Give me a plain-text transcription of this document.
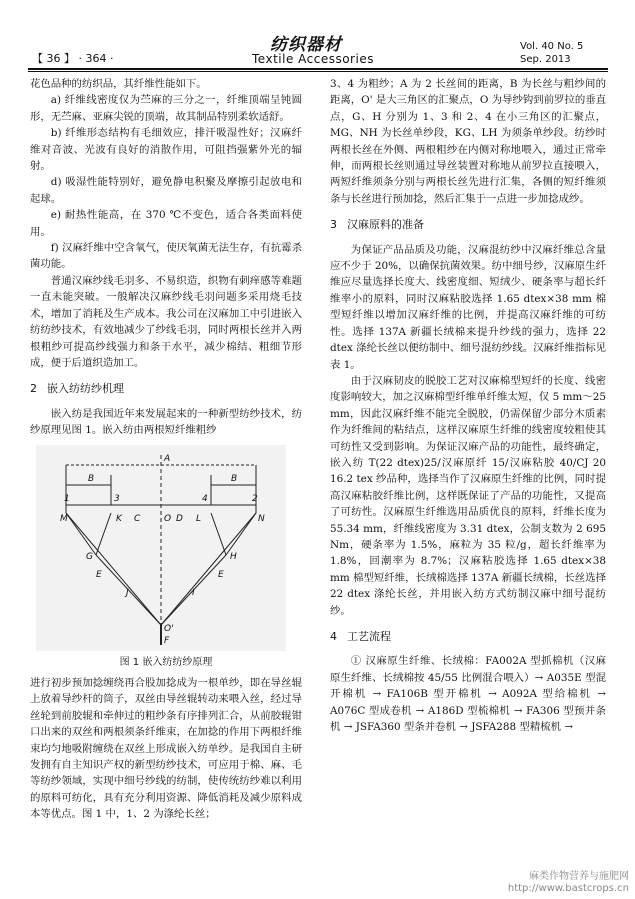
【 36 】 · 364 ·
纺织器材
Textile Accessories
Vol. 40 No. 5
Sep. 2013

花色品种的纺织品，其纤维性能如下。

a) 纤维线密度仅为苎麻的三分之一，纤维顶端呈钝圆形，无苎麻、亚麻尖锐的顶端，故其制品特别柔软适舒。

b) 纤维形态结构有毛细效应，排汗吸湿性好；汉麻纤维对音波、光波有良好的消散作用，可阻挡强紫外光的辐射。

d) 吸湿性能特别好，避免静电积聚及摩擦引起放电和起球。

e) 耐热性能高，在 370 ℃不变色，适合各类面料使用。

f) 汉麻纤维中空含氧气，使厌氧菌无法生存，有抗霉杀菌功能。

普通汉麻纱线毛羽多、不易织造，织物有刺痒感等难题一直未能突破。一般解决汉麻纱线毛羽问题多采用烧毛技术，增加了消耗及生产成本。我公司在汉麻加工中引进嵌入纺纺纱技术，有效地减少了纱线毛羽，同时两根长丝并入两根粗纱可提高纱线强力和条干水平，减少棉结、粗细节形成，便于后道织造加工。

2 嵌入纺纺纱机理

嵌入纺是我国近年来发展起来的一种新型纺纱技术，纺纱原理见图 1。嵌入纺由两根短纤维粗纱

A
B	B
M	K	L	N
C	O D
G	H
E	E
J	I
O'
F
1	2
3	4
图 1 嵌入纺纺纱原理

进行初步预加捻缠绕再合股加捻成为一根单纱，即在导丝辊上放着导纱杆的筒子，双丝由导丝辊转动来喂入丝，经过导丝轮到前胶辊和牵伸过的粗纱条有序排列汇合，从前胶辊钳口出来的双丝和两根须条纤维束，在加捻的作用下两根纤维束均匀地吸附缠绕在双丝上形成嵌入纺单纱。是我国自主研发拥有自主知识产权的新型纺纱技术，可应用于棉、麻、毛等纺纱领域，实现中细号纱线的纺制，使传统纺纱难以利用的原料可纺化，具有充分利用资源、降低消耗及减少原料成本等优点。图 1 中，1、2 为涤纶长丝；

3、4 为粗纱；A 为 2 长丝间的距离，B 为长丝与粗纱间的距离，O' 是大三角区的汇聚点，O 为导纱钩到前罗拉的垂直点，G、H 分别为 1、3 和 2、4 在小三角区的汇聚点，MG、NH 为长丝单纱段，KG、LH 为须条单纱段。纺纱时两根长丝在外侧、两根粗纱在内侧对称地喂入，通过正常牵伸，而两根长丝则通过导丝装置对称地从前罗拉直接喂入，两短纤维须条分别与两根长丝先进行汇集，各侧的短纤维须条与长丝进行预加捻，然后汇集于一点进一步加捻成纱。

3 汉麻原料的准备

为保证产品品质及功能，汉麻混纺纱中汉麻纤维总含量应不少于 20%，以确保抗菌效果。纺中细号纱，汉麻原生纤维应尽量选择长度大、线密度细、短绒少、硬条率与超长纤维率小的原料，同时汉麻粘胶选择 1.65 dtex×38 mm 棉型短纤维以增加汉麻纤维的比例，并提高汉麻纤维的可纺性。选择 137A 新疆长绒棉来提升纱线的强力，选择 22 dtex 涤纶长丝以便纺制中、细号混纺纱线。汉麻纤维指标见表 1。

由于汉麻韧皮的脱胶工艺对汉麻棉型短纤的长度、线密度影响较大，加之汉麻棉型纤维单纤维太短，仅 5 mm～25 mm，因此汉麻纤维不能完全脱胶，仍需保留少部分木质素作为纤维间的粘结点，这样汉麻原生纤维的线密度较粗使其可纺性又受到影响。为保证汉麻产品的功能性，最终确定，嵌入纺 T(22 dtex)25/汉麻原纤 15/汉麻粘胶 40/CJ 20 16.2 tex 纱品种，选择当作了汉麻原生纤维的比例，同时提高汉麻粘胶纤维比例，这样既保证了产品的功能性，又提高了可纺性。汉麻原生纤维选用品质优良的原料，纤维长度为 55.34 mm，纤维线密度为 3.31 dtex，公制支数为 2 695 Nm，硬条率为 1.5%，麻粒为 35 粒/g，超长纤维率为 1.8%，回潮率为 8.7%；汉麻粘胶选择 1.65 dtex×38 mm 棉型短纤维，长绒棉选择 137A 新疆长绒棉，长丝选择 22 dtex 涤纶长丝，并用嵌入纺方式纺制汉麻中细号混纺纱。

4 工艺流程

① 汉麻原生纤维、长绒棉：FA002A 型抓棉机（汉麻原生纤维、长绒棉按 45/55 比例混合喂入）→ A035E 型混开棉机 → FA106B 型开棉机 → A092A 型给棉机 → A076C 型成卷机 → A186D 型梳棉机 → FA306 型预并条机 → JSFA360 型条并卷机 → JSFA288 型精梳机 →

麻类作物营养与施肥网
http://www.bastcrops.cn
